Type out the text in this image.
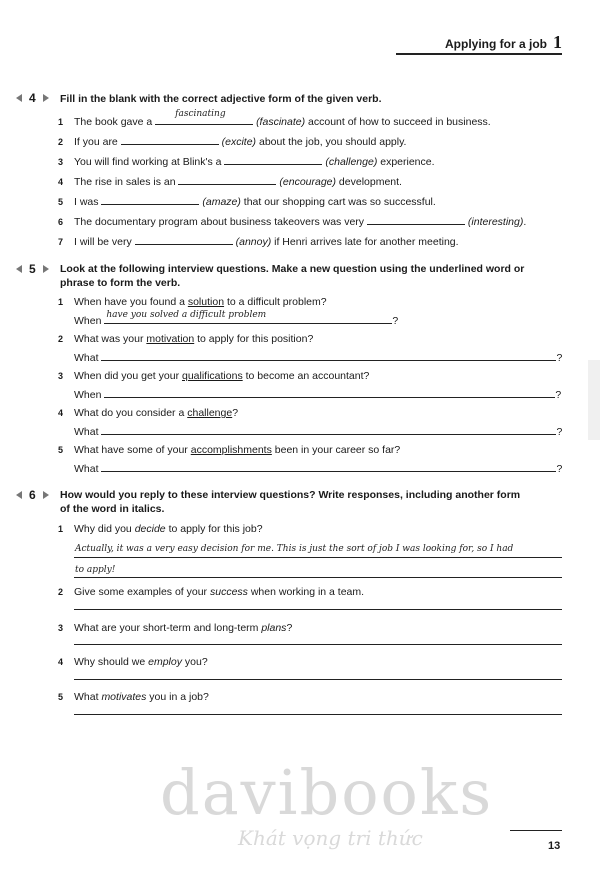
Applying for a job 1
4 Fill in the blank with the correct adjective form of the given verb.
1 The book gave a
fascinating
(fascinate) account of how to succeed in business.
2 If you are	(excite) about the job, you should apply.
3 You will find working at Blink's a	(challenge) experience.
4 The rise in sales is an	(encourage) development.
5 I was	(amaze) that our shopping cart was so successful.
6 The documentary program about business takeovers was very	(interesting).
7 I will be very	(annoy) if Henri arrives late for another meeting.
5 Look at the following interview questions. Make a new question using the underlined word or
phrase to form the verb.
1 When have you found a solution to a difficult problem?
When have you solved a difficult problem	?
2 What was your motivation to apply for this position?
What	?
3 When did you get your qualifications to become an accountant?
When	?
4 What do you consider a challenge?
What	?
5 What have some of your accomplishments been in your career so far?
What	?
6 How would you reply to these interview questions? Write responses, including another form
of the word in italics.
1 Why did you decide to apply for this job?
Actually, it was a very easy decision for me. This is just the sort of job I was looking for, so I had
to apply!
2 Give some examples of your success when working in a team.
3 What are your short-term and long-term plans?
4 Why should we employ you?
5 What motivates you in a job?
davibooks
Khát vọng tri thức	13
